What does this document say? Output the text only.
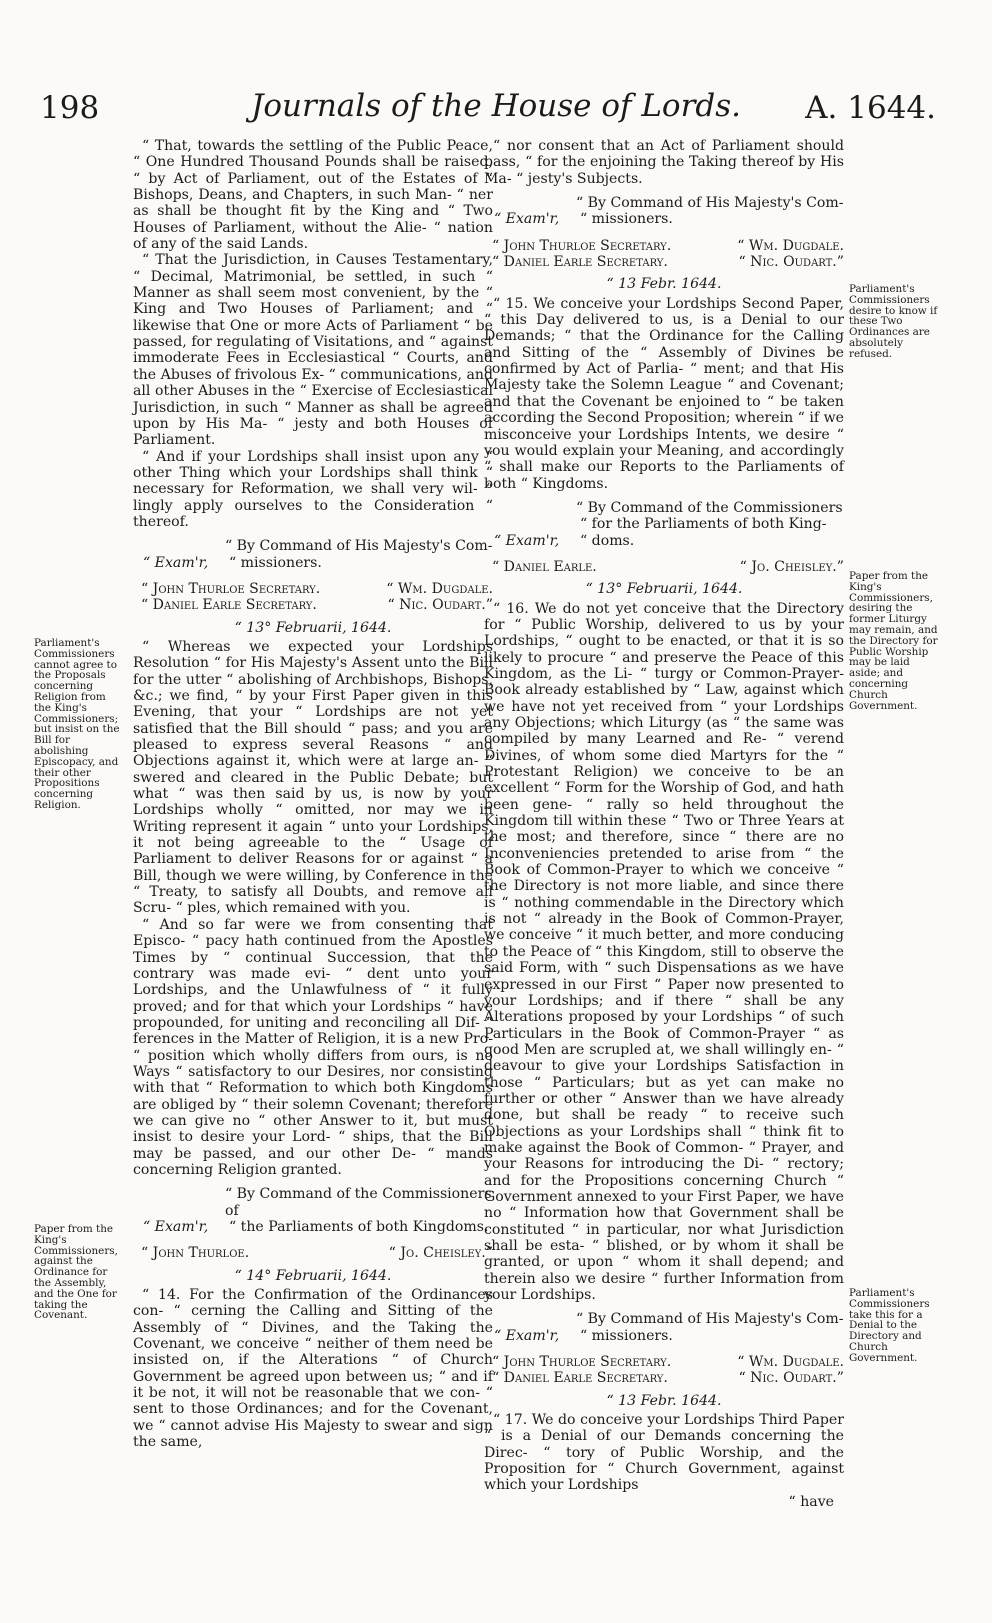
198	Journals of the House of Lords.	A. 1644.
Parliament's Commissioners cannot agree to the Proposals concerning Religion from the King's Commissioners; but insist on the Bill for abolishing Episcopacy, and their other Propositions concerning Religion.
Paper from the King's Commissioners, against the Ordinance for the Assembly, and the One for taking the Covenant.
Parliament's Commissioners desire to know if these Two Ordinances are absolutely refused.
Paper from the King's Commissioners, desiring the former Liturgy may remain, and the Directory for Public Worship may be laid aside; and concerning Church Government.
Parliament's Commissioners take this for a Denial to the Directory and Church Government.

“ That, towards the settling of the Public Peace, “ One Hundred Thousand Pounds shall be raised, “ by Act of Parliament, out of the Estates of “ Bishops, Deans, and Chapters, in such Man- “ ner as shall be thought fit by the King and “ Two Houses of Parliament, without the Alie- “ nation of any of the said Lands.

“ That the Jurisdiction, in Causes Testamentary, “ Decimal, Matrimonial, be settled, in such “ Manner as shall seem most convenient, by the “ King and Two Houses of Parliament; and “ likewise that One or more Acts of Parliament “ be passed, for regulating of Visitations, and “ against immoderate Fees in Ecclesiastical “ Courts, and the Abuses of frivolous Ex- “ communications, and all other Abuses in the “ Exercise of Ecclesiastical Jurisdiction, in such “ Manner as shall be agreed upon by His Ma- “ jesty and both Houses of Parliament.

“ And if your Lordships shall insist upon any “ other Thing which your Lordships shall think “ necessary for Reformation, we shall very wil- “ lingly apply ourselves to the Consideration “ thereof.

“ By Command of His Majesty's Com-
“ Exam'r,	“ missioners.
“ John Thurloe Secretary.	“ Wm. Dugdale.
“ Daniel Earle Secretary.	“ Nic. Oudart.”

“ 13° Februarii, 1644.

“ Whereas we expected your Lordships Resolution “ for His Majesty's Assent unto the Bill for the utter “ abolishing of Archbishops, Bishops, &c.; we find, “ by your First Paper given in this Evening, that your “ Lordships are not yet satisfied that the Bill should “ pass; and you are pleased to express several Reasons “ and Objections against it, which were at large an- “ swered and cleared in the Public Debate; but what “ was then said by us, is now by your Lordships wholly “ omitted, nor may we in Writing represent it again “ unto your Lordships, it not being agreeable to the “ Usage of Parliament to deliver Reasons for or against “ a Bill, though we were willing, by Conference in the “ Treaty, to satisfy all Doubts, and remove all Scru- “ ples, which remained with you.

“ And so far were we from consenting that Episco- “ pacy hath continued from the Apostles Times by “ continual Succession, that the contrary was made evi- “ dent unto your Lordships, and the Unlawfulness of “ it fully proved; and for that which your Lordships “ have propounded, for uniting and reconciling all Dif- “ ferences in the Matter of Religion, it is a new Pro- “ position which wholly differs from ours, is no Ways “ satisfactory to our Desires, nor consisting with that “ Reformation to which both Kingdoms are obliged by “ their solemn Covenant; therefore we can give no “ other Answer to it, but must insist to desire your Lord- “ ships, that the Bill may be passed, and our other De- “ mands concerning Religion granted.

“ By Command of the Commissioners of
“ Exam'r,	“ the Parliaments of both Kingdoms.
“ John Thurloe.	“ Jo. Cheisley.”

“ 14° Februarii, 1644.

“ 14. For the Confirmation of the Ordinances con- “ cerning the Calling and Sitting of the Assembly of “ Divines, and the Taking the Covenant, we conceive “ neither of them need be insisted on, if the Alterations “ of Church Government be agreed upon between us; “ and if it be not, it will not be reasonable that we con- “ sent to those Ordinances; and for the Covenant, we “ cannot advise His Majesty to swear and sign the same,

“ nor consent that an Act of Parliament should pass, “ for the enjoining the Taking thereof by His Ma- “ jesty's Subjects.

“ By Command of His Majesty's Com-
“ Exam'r,	“ missioners.
“ John Thurloe Secretary.	“ Wm. Dugdale.
“ Daniel Earle Secretary.	“ Nic. Oudart.”

“ 13 Febr. 1644.

“ 15. We conceive your Lordships Second Paper, “ this Day delivered to us, is a Denial to our Demands; “ that the Ordinance for the Calling and Sitting of the “ Assembly of Divines be confirmed by Act of Parlia- “ ment; and that His Majesty take the Solemn League “ and Covenant; and that the Covenant be enjoined to “ be taken according the Second Proposition; wherein “ if we misconceive your Lordships Intents, we desire “ you would explain your Meaning, and accordingly “ shall make our Reports to the Parliaments of both “ Kingdoms.

“ By Command of the Commissioners
“ for the Parliaments of both King-
“ Exam'r,	“ doms.
“ Daniel Earle.	“ Jo. Cheisley.”

“ 13° Februarii, 1644.

“ 16. We do not yet conceive that the Directory for “ Public Worship, delivered to us by your Lordships, “ ought to be enacted, or that it is so likely to procure “ and preserve the Peace of this Kingdom, as the Li- “ turgy or Common-Prayer-Book already established by “ Law, against which we have not yet received from “ your Lordships any Objections; which Liturgy (as “ the same was compiled by many Learned and Re- “ verend Divines, of whom some died Martyrs for the “ Protestant Religion) we conceive to be an excellent “ Form for the Worship of God, and hath been gene- “ rally so held throughout the Kingdom till within these “ Two or Three Years at the most; and therefore, since “ there are no Inconveniencies pretended to arise from “ the Book of Common-Prayer to which we conceive “ the Directory is not more liable, and since there is “ nothing commendable in the Directory which is not “ already in the Book of Common-Prayer, we conceive “ it much better, and more conducing to the Peace of “ this Kingdom, still to observe the said Form, with “ such Dispensations as we have expressed in our First “ Paper now presented to your Lordships; and if there “ shall be any Alterations proposed by your Lordships “ of such Particulars in the Book of Common-Prayer “ as good Men are scrupled at, we shall willingly en- “ deavour to give your Lordships Satisfaction in those “ Particulars; but as yet can make no further or other “ Answer than we have already done, but shall be ready “ to receive such Objections as your Lordships shall “ think fit to make against the Book of Common- “ Prayer, and your Reasons for introducing the Di- “ rectory; and for the Propositions concerning Church “ Government annexed to your First Paper, we have no “ Information how that Government shall be constituted “ in particular, nor what Jurisdiction shall be esta- “ blished, or by whom it shall be granted, or upon “ whom it shall depend; and therein also we desire “ further Information from your Lordships.

“ By Command of His Majesty's Com-
“ Exam'r,	“ missioners.
“ John Thurloe Secretary.	“ Wm. Dugdale.
“ Daniel Earle Secretary.	“ Nic. Oudart.”

“ 13 Febr. 1644.

“ 17. We do conceive your Lordships Third Paper “ is a Denial of our Demands concerning the Direc- “ tory of Public Worship, and the Proposition for “ Church Government, against which your Lordships

“ have
